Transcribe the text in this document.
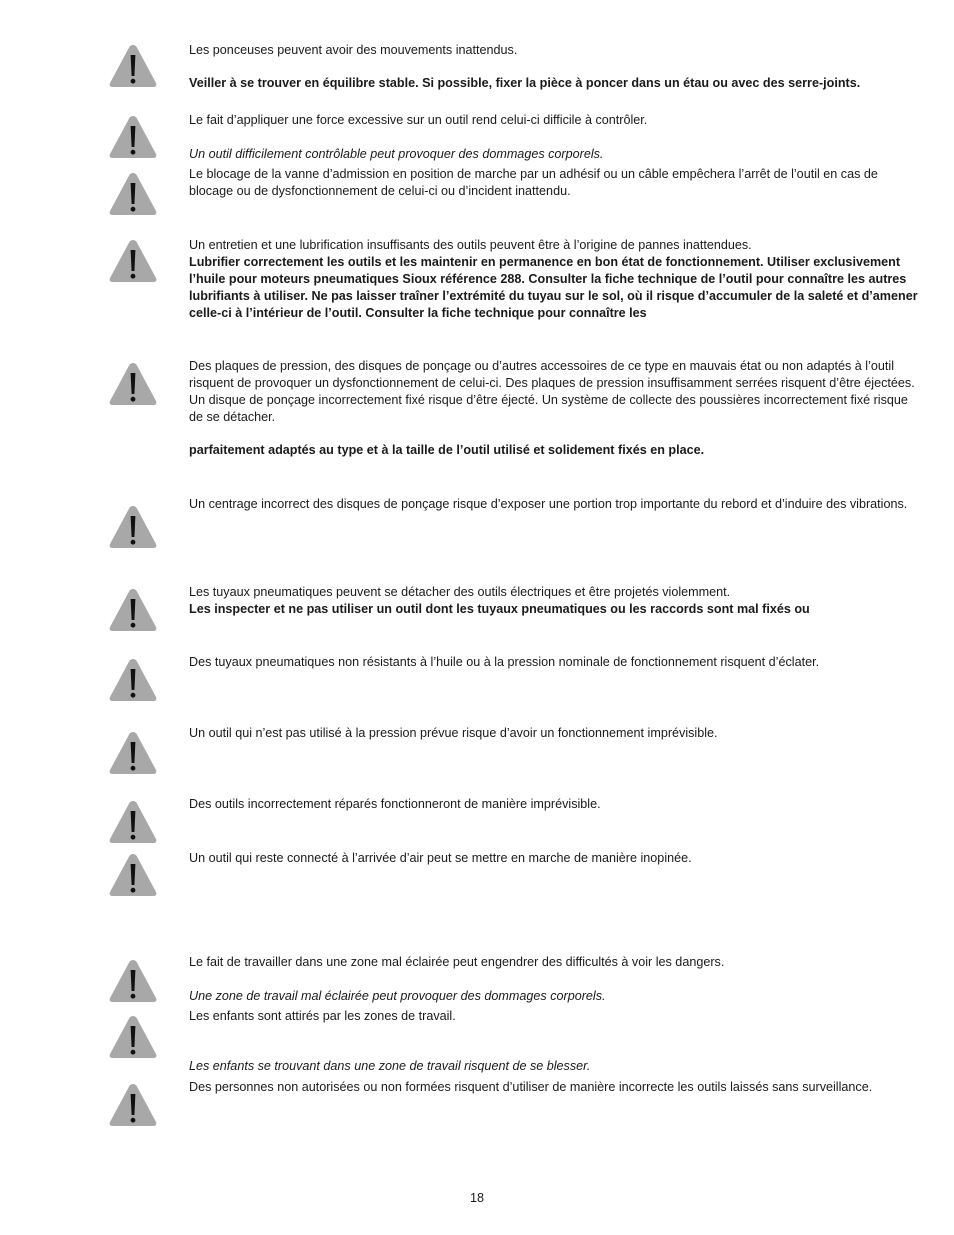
Les ponceuses peuvent avoir des mouvements inattendus.

Veiller à se trouver en équilibre stable. Si possible, fixer la pièce à poncer dans un étau ou avec des serre-joints.

Le fait d’appliquer une force excessive sur un outil rend celui-ci difficile à contrôler.

Un outil difficilement contrôlable peut provoquer des dommages corporels.

Le blocage de la vanne d’admission en position de marche par un adhésif ou un câble empêchera l’arrêt de l’outil en cas de blocage ou de dysfonctionnement de celui-ci ou d’incident inattendu.

Un entretien et une lubrification insuffisants des outils peuvent être à l’origine de pannes inattendues.

Lubrifier correctement les outils et les maintenir en permanence en bon état de fonctionnement. Utiliser exclusivement l’huile pour moteurs pneumatiques Sioux référence 288. Consulter la fiche technique de l’outil pour connaître les autres lubrifiants à utiliser. Ne pas laisser traîner l’extrémité du tuyau sur le sol, où il risque d’accumuler de la saleté et d’amener celle-ci à l’intérieur de l’outil. Consulter la fiche technique pour connaître les

Des plaques de pression, des disques de ponçage ou d’autres accessoires de ce type en mauvais état ou non adaptés à l’outil risquent de provoquer un dysfonctionnement de celui-ci. Des plaques de pression insuffisamment serrées risquent d’être éjectées. Un disque de ponçage incorrectement fixé risque d’être éjecté. Un système de collecte des poussières incorrectement fixé risque de se détacher.

parfaitement adaptés au type et à la taille de l’outil utilisé et solidement fixés en place.

Un centrage incorrect des disques de ponçage risque d’exposer une portion trop importante du rebord et d’induire des vibrations.

Les tuyaux pneumatiques peuvent se détacher des outils électriques et être projetés violemment.

Les inspecter et ne pas utiliser un outil dont les tuyaux pneumatiques ou les raccords sont mal fixés ou

Des tuyaux pneumatiques non résistants à l’huile ou à la pression nominale de fonctionnement risquent d’éclater.

Un outil qui n’est pas utilisé à la pression prévue risque d’avoir un fonctionnement imprévisible.

Des outils incorrectement réparés fonctionneront de manière imprévisible.

Un outil qui reste connecté à l’arrivée d’air peut se mettre en marche de manière inopinée.

Le fait de travailler dans une zone mal éclairée peut engendrer des difficultés à voir les dangers.

Une zone de travail mal éclairée peut provoquer des dommages corporels.

Les enfants sont attirés par les zones de travail.

Les enfants se trouvant dans une zone de travail risquent de se blesser.

Des personnes non autorisées ou non formées risquent d’utiliser de manière incorrecte les outils laissés sans surveillance.

18
